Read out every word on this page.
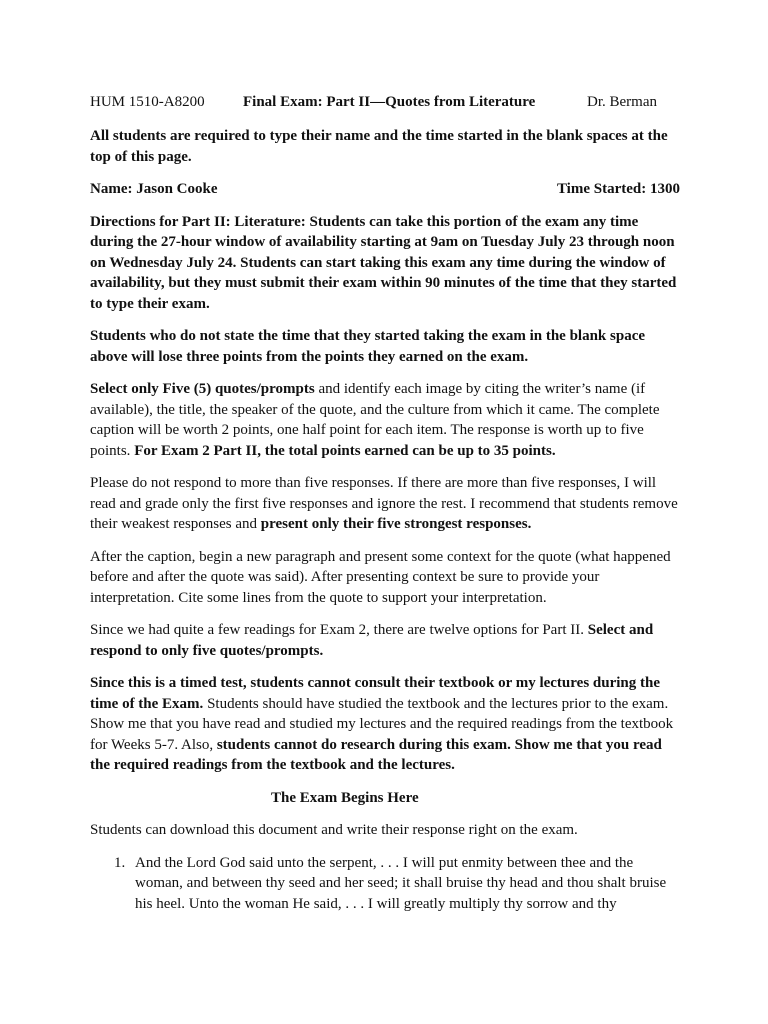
HUM 1510-A8200	Final Exam: Part II—Quotes from Literature	Dr. Berman

All students are required to type their name and the time started in the blank spaces at the top of this page.

Name: Jason Cooke	Time Started: 1300

Directions for Part II: Literature: Students can take this portion of the exam any time during the 27-hour window of availability starting at 9am on Tuesday July 23 through noon on Wednesday July 24. Students can start taking this exam any time during the window of availability, but they must submit their exam within 90 minutes of the time that they started to type their exam.

Students who do not state the time that they started taking the exam in the blank space above will lose three points from the points they earned on the exam.

Select only Five (5) quotes/prompts and identify each image by citing the writer’s name (if available), the title, the speaker of the quote, and the culture from which it came. The complete caption will be worth 2 points, one half point for each item. The response is worth up to five points. For Exam 2 Part II, the total points earned can be up to 35 points.

Please do not respond to more than five responses. If there are more than five responses, I will read and grade only the first five responses and ignore the rest. I recommend that students remove their weakest responses and present only their five strongest responses.

After the caption, begin a new paragraph and present some context for the quote (what happened before and after the quote was said). After presenting context be sure to provide your interpretation. Cite some lines from the quote to support your interpretation.

Since we had quite a few readings for Exam 2, there are twelve options for Part II. Select and respond to only five quotes/prompts.

Since this is a timed test, students cannot consult their textbook or my lectures during the time of the Exam. Students should have studied the textbook and the lectures prior to the exam. Show me that you have read and studied my lectures and the required readings from the textbook for Weeks 5-7. Also, students cannot do research during this exam. Show me that you read the required readings from the textbook and the lectures.

The Exam Begins Here

Students can download this document and write their response right on the exam.

1. And the Lord God said unto the serpent, . . . I will put enmity between thee and the woman, and between thy seed and her seed; it shall bruise thy head and thou shalt bruise his heel. Unto the woman He said, . . . I will greatly multiply thy sorrow and thy
